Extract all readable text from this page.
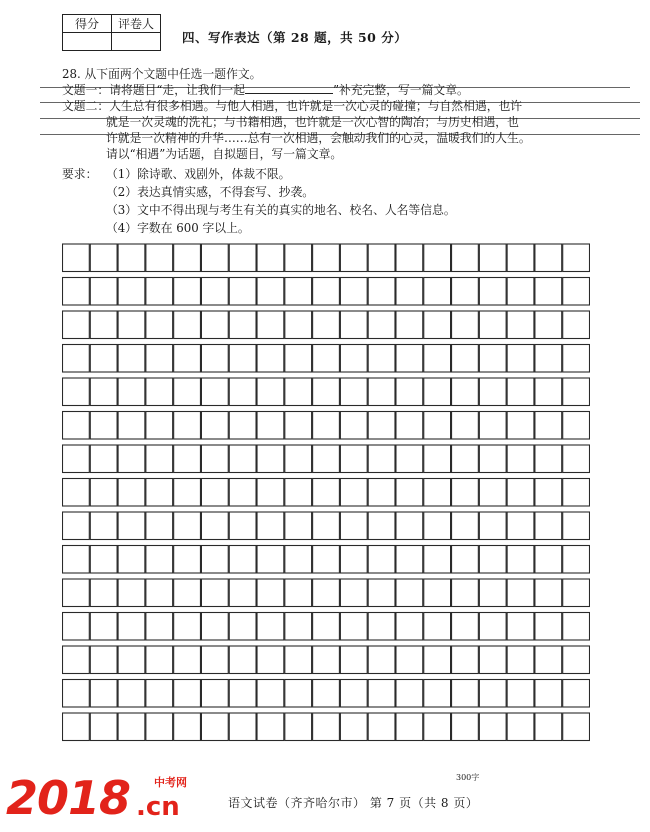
得分	评卷人

四、写作表达（第 28 题，共 50 分）
28. 从下面两个文题中任选一题作文。
文题一：请将题目“走，让我们一起	”补充完整，写一篇文章。
文题二：人生总有很多相遇。与他人相遇，也许就是一次心灵的碰撞；与自然相遇，也许
就是一次灵魂的洗礼；与书籍相遇，也许就是一次心智的陶冶；与历史相遇，也
许就是一次精神的升华……总有一次相遇，会触动我们的心灵，温暖我们的人生。
请以“相遇”为话题，自拟题目，写一篇文章。
要求： （1）除诗歌、戏剧外，体裁不限。
（2）表达真情实感，不得套写、抄袭。
（3）文中不得出现与考生有关的真实的地名、校名、人名等信息。
（4）字数在 600 字以上。
300字
2018 中考网
.cn	语文试卷（齐齐哈尔市） 第 7 页（共 8 页）
